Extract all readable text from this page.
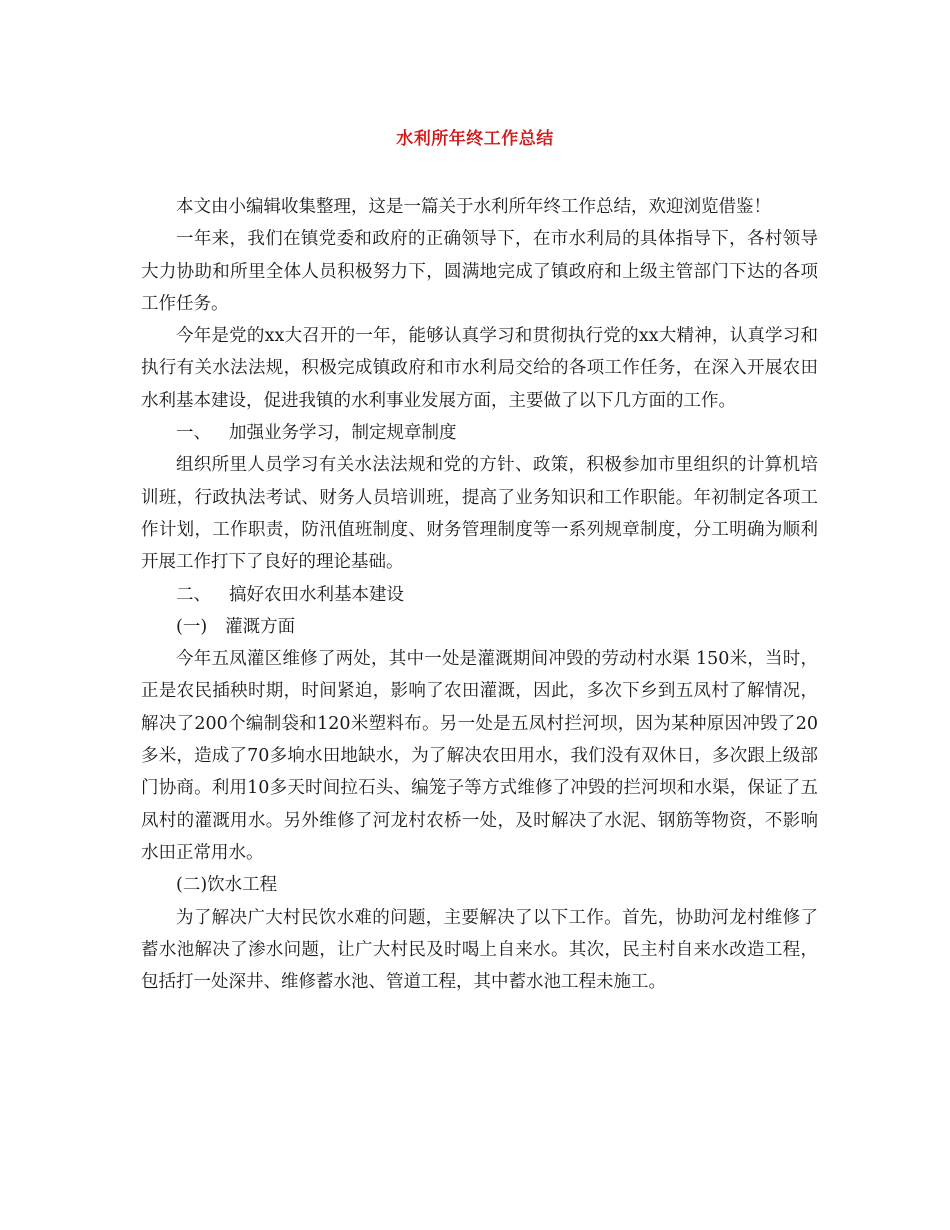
水利所年终工作总结

本文由小编辑收集整理，这是一篇关于水利所年终工作总结，欢迎浏览借鉴！

一年来，我们在镇党委和政府的正确领导下，在市水利局的具体指导下，各村领导大力协助和所里全体人员积极努力下，圆满地完成了镇政府和上级主管部门下达的各项工作任务。

今年是党的xx大召开的一年，能够认真学习和贯彻执行党的xx大精神，认真学习和执行有关水法法规，积极完成镇政府和市水利局交给的各项工作任务，在深入开展农田水利基本建设，促进我镇的水利事业发展方面，主要做了以下几方面的工作。

一、 加强业务学习，制定规章制度

组织所里人员学习有关水法法规和党的方针、政策，积极参加市里组织的计算机培训班，行政执法考试、财务人员培训班，提高了业务知识和工作职能。年初制定各项工作计划，工作职责，防汛值班制度、财务管理制度等一系列规章制度，分工明确为顺利开展工作打下了良好的理论基础。

二、 搞好农田水利基本建设

(一) 灌溉方面

今年五凤灌区维修了两处，其中一处是灌溉期间冲毁的劳动村水渠 150米，当时，正是农民插秧时期，时间紧迫，影响了农田灌溉，因此，多次下乡到五凤村了解情况，解决了200个编制袋和120米塑料布。另一处是五凤村拦河坝，因为某种原因冲毁了20多米，造成了70多垧水田地缺水，为了解决农田用水，我们没有双休日，多次跟上级部门协商。利用10多天时间拉石头、编笼子等方式维修了冲毁的拦河坝和水渠，保证了五凤村的灌溉用水。另外维修了河龙村农桥一处，及时解决了水泥、钢筋等物资，不影响水田正常用水。

(二)饮水工程

为了解决广大村民饮水难的问题，主要解决了以下工作。首先，协助河龙村维修了蓄水池解决了渗水问题，让广大村民及时喝上自来水。其次，民主村自来水改造工程，包括打一处深井、维修蓄水池、管道工程，其中蓄水池工程未施工。
